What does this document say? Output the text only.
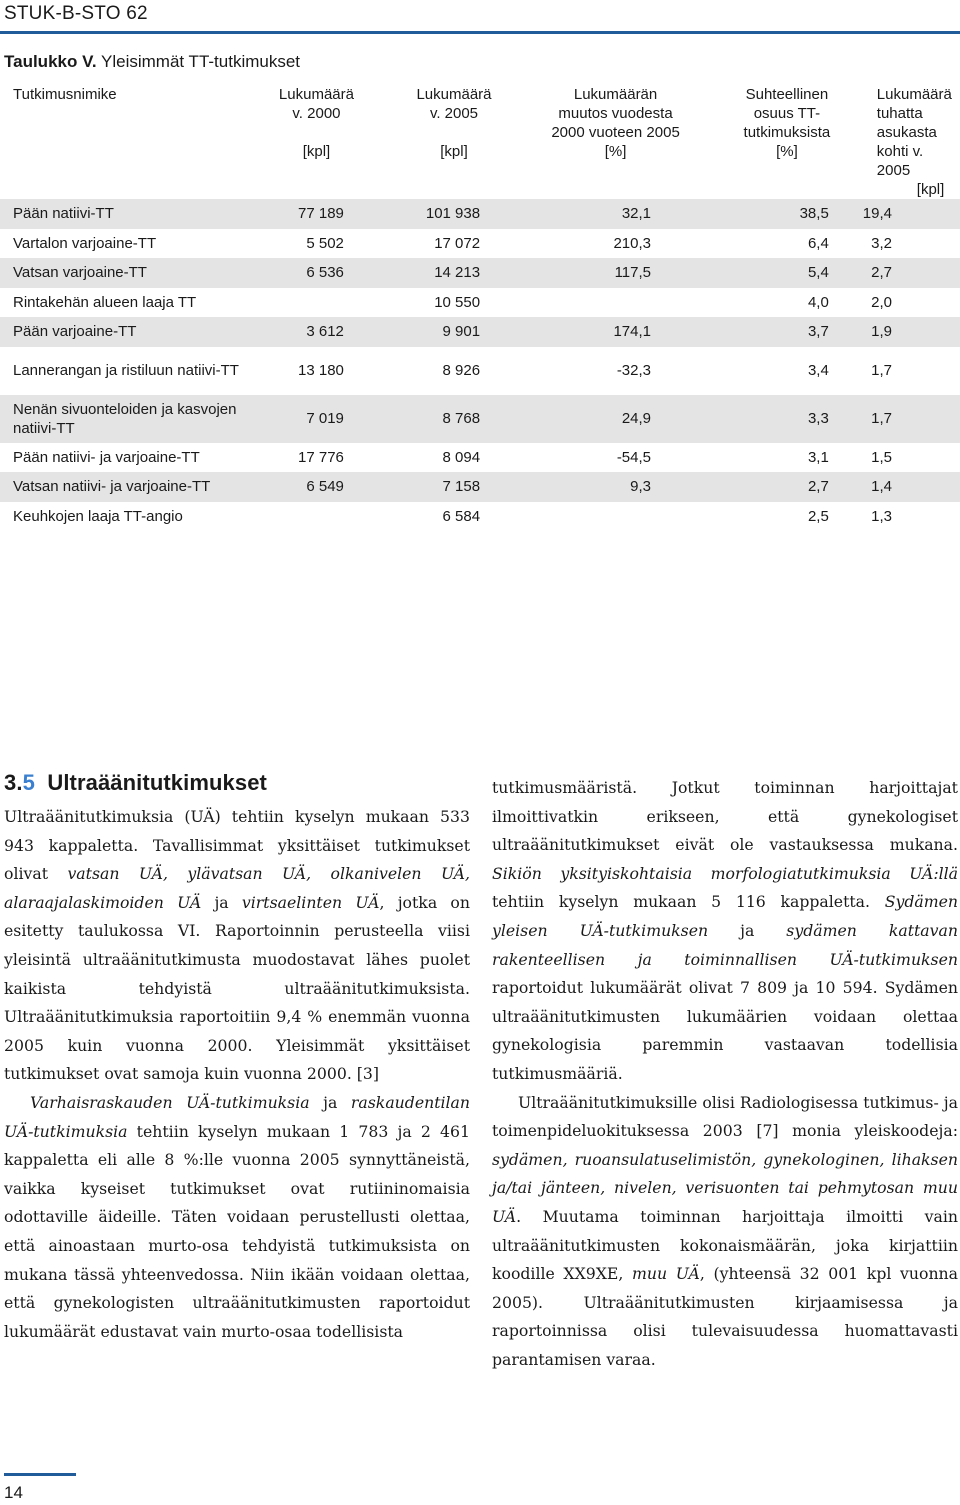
STUK-B-STO 62
Taulukko V. Yleisimmät TT-tutkimukset
Tutkimusnimike	Lukumäärä
v. 2000
[kpl]	Lukumäärä
v. 2005
[kpl]	Lukumäärän
muutos vuodesta
2000 vuoteen 2005
[%]	Suhteellinen
osuus TT-
tutkimuksista
[%]	Lukumäärä
tuhatta asukasta
kohti v. 2005
[kpl]
Pään natiivi-TT	77 189	101 938	32,1	38,5	19,4
Vartalon varjoaine-TT	5 502	17 072	210,3	6,4	3,2
Vatsan varjoaine-TT	6 536	14 213	117,5	5,4	2,7
Rintakehän alueen laaja TT		10 550		4,0	2,0
Pään varjoaine-TT	3 612	9 901	174,1	3,7	1,9
Lannerangan ja ristiluun natiivi-TT	13 180	8 926	-32,3	3,4	1,7
Nenän sivuonteloiden ja kasvojen natiivi-TT	7 019	8 768	24,9	3,3	1,7
Pään natiivi- ja varjoaine-TT	17 776	8 094	-54,5	3,1	1,5
Vatsan natiivi- ja varjoaine-TT	6 549	7 158	9,3	2,7	1,4
Keuhkojen laaja TT-angio		6 584		2,5	1,3
3.5 Ultraäänitutkimukset

Ultraäänitutkimuksia (UÄ) tehtiin kyselyn mukaan 533 943 kappaletta. Tavallisimmat yksittäiset tutkimukset olivat vatsan UÄ, ylävatsan UÄ, olkanivelen UÄ, alaraajalaskimoiden UÄ ja virtsaelinten UÄ, jotka on esitetty taulukossa VI. Raportoinnin perusteella viisi yleisintä ultraäänitutkimusta muodostavat lähes puolet kaikista tehdyistä ultraäänitutkimuksista. Ultraäänitutkimuksia raportoitiin 9,4 % enemmän vuonna 2005 kuin vuonna 2000. Yleisimmät yksittäiset tutkimukset ovat samoja kuin vuonna 2000. [3]

Varhaisraskauden UÄ-tutkimuksia ja raskaudentilan UÄ-tutkimuksia tehtiin kyselyn mukaan 1 783 ja 2 461 kappaletta eli alle 8 %:lle vuonna 2005 synnyttäneistä, vaikka kyseiset tutkimukset ovat rutiininomaisia odottaville äideille. Täten voidaan perustellusti olettaa, että ainoastaan murto-osa tehdyistä tutkimuksista on mukana tässä yhteenvedossa. Niin ikään voidaan olettaa, että gynekologisten ultraäänitutkimusten raportoidut lukumäärät edustavat vain murto-osaa todellisista

tutkimusmääristä. Jotkut toiminnan harjoittajat ilmoittivatkin erikseen, että gynekologiset ultraäänitutkimukset eivät ole vastauksessa mukana. Sikiön yksityiskohtaisia morfologiatutkimuksia UÄ:llä tehtiin kyselyn mukaan 5 116 kappaletta. Sydämen yleisen UÄ-tutkimuksen ja sydämen kattavan rakenteellisen ja toiminnallisen UÄ-tutkimuksen raportoidut lukumäärät olivat 7 809 ja 10 594. Sydämen ultraäänitutkimusten lukumäärien voidaan olettaa gynekologisia paremmin vastaavan todellisia tutkimusmääriä.

Ultraäänitutkimuksille olisi Radiologisessa tutkimus- ja toimenpideluokituksessa 2003 [7] monia yleiskoodeja: sydämen, ruoansulatuselimistön, gynekologinen, lihaksen ja/tai jänteen, nivelen, verisuonten tai pehmytosan muu UÄ. Muutama toiminnan harjoittaja ilmoitti vain ultraäänitutkimusten kokonaismäärän, joka kirjattiin koodille XX9XE, muu UÄ, (yhteensä 32 001 kpl vuonna 2005). Ultraäänitutkimusten kirjaamisessa ja raportoinnissa olisi tulevaisuudessa huomattavasti parantamisen varaa.

14
